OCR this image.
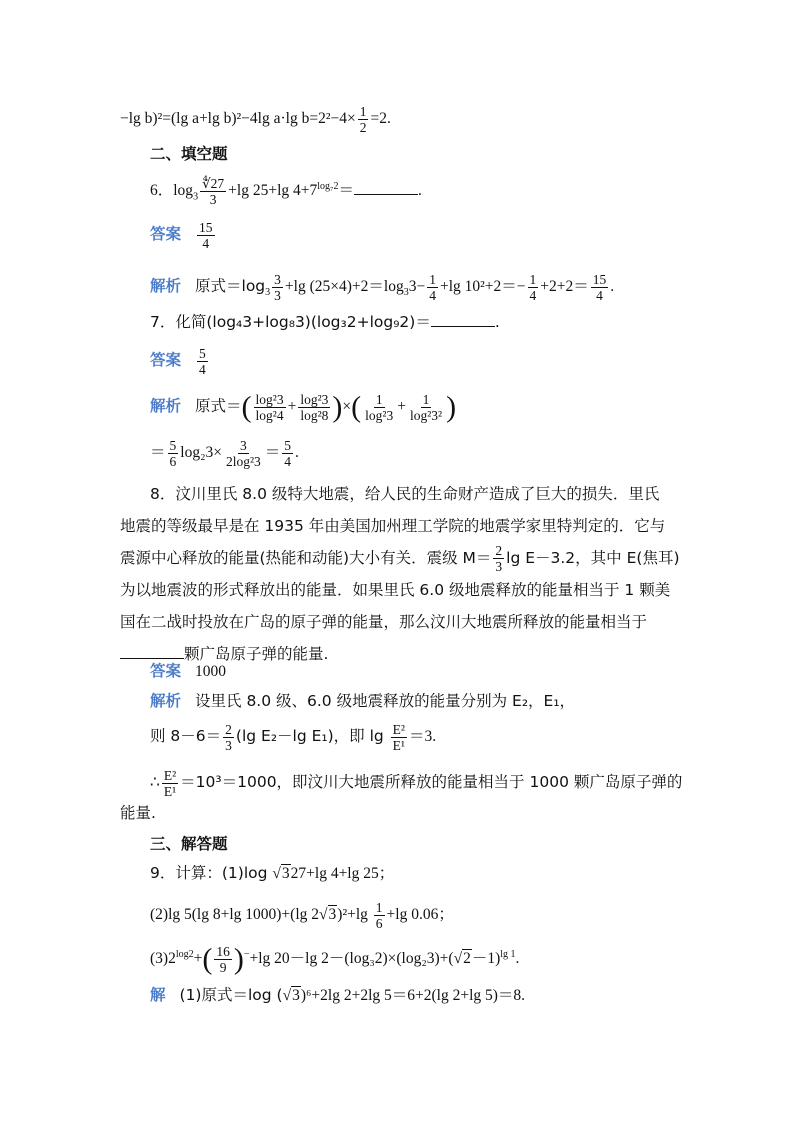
−lg b)²=(lg a+lg b)²−4lg a·lg $b=2^2-4\times \frac{1}{2} =2$.
二、填空题
6．$\log_3 \frac{∜27}{3} +\lg$ 25+lg $4+7^{log_72}=$	.
答案 $\frac{15}{4}$
解析 原式$=\log_3 \frac{3}{3} +\lg$ $(25\times 4)+2=\log_33- \frac{1}{4} +\lg$ $10^2+2=- \frac{1}{4} +2+2= \frac{15}{4}$ .
7．化简(log₄3+log₈3)(log₃2+log₉2)＝	.
答案 $\frac{5}{4}$
解析 原式＝( $\frac{\text{log²3}}{\text{log²4}} + \frac{\text{log²3}}{\text{log²8}}$ )×( $\frac{1}{\text{log²3}} + \frac{1}{\text{log²3²}}$ )
＝ $\frac{5}{6} \log_23\times \frac{3}{\text{2log²3}} = \frac{5}{4}$ .
8．汶川里氏 8.0 级特大地震，给人民的生命财产造成了巨大的损失．里氏
地震的等级最早是在 1935 年由美国加州理工学院的地震学家里特判定的．它与
震源中心释放的能量(热能和动能)大小有关．震级 $M= \frac{2}{3}$ lg E－3.2，其中 E(焦耳)
为以地震波的形式释放出的能量．如果里氏 6.0 级地震释放的能量相当于 1 颗美
国在二战时投放在广岛的原子弹的能量，那么汶川大地震所释放的能量相当于
颗广岛原子弹的能量.
答案 1000
解析 设里氏 8.0 级、6.0 级地震释放的能量分别为 E₂，E₁，
则 $8-6= \frac{2}{3} (\lg$ E₂－lg E₁)，即 $\lg \frac{\text{E²}}{\text{E¹}} =3$.
∴ $\frac{\text{E²}}{\text{E¹}} =10^3=1000$，即汶川大地震所释放的能量相当于 1000 颗广岛原子弹的
能量.
三、解答题
9．计算：(1)log √327+lg 4+lg 25；
(2)lg 5(lg 8+lg 1000)+(lg $2√3)^2+\lg \frac{1}{6} +\lg$ 0.06；
$(3)2^{log2}+( \frac{16}{9} )^-+\lg$ 20－lg $2-(\log_32)\times(\log_23)+(√2-1)^{lg 1}$.
解 (1)原式＝log (√3)⁶+2lg 2+2lg 5＝6+2(lg 2+lg 5)＝8.
